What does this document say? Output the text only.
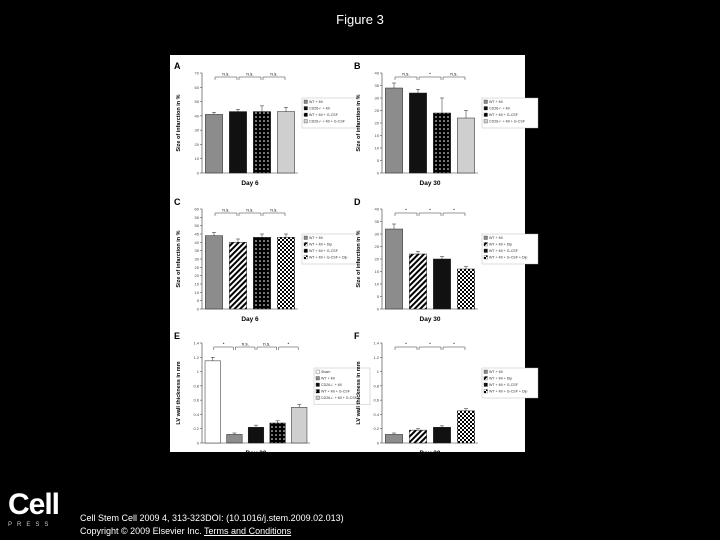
Figure 3
A
Size of infarction in %
0
10
20
30
40
50
60
70	n.s.	n.s.	n.s.
Day 6
WT + MI
CD26-/- + MI
WT + MI + G-CSF
CD26-/- + MI + G-CSF
B
Size of infarction in %
0
5
10
15
20
25
30
35
40	n.s.	*	n.s.
Day 30
WT + MI
CD26-/- + MI
WT + MI + G-CSF
CD26-/- + MI + G-CSF
C
Size of infarction in %
0
5
10
15
20
25
30
35
40
45
50
55
60	n.s.	n.s.	n.s.
Day 6
WT + MI
WT + MI + Dip
WT + MI + G-CSF
WT + MI + G-CSF + Dip
D
Size of infarction in %
0
5
10
15
20
25
30
35
40	*	*	*
Day 30
WT + MI
WT + MI + Dip
WT + MI + G-CSF
WT + MI + G-CSF + Dip
E
LV wall thickness in mm
0
0.2
0.4
0.6
0.8
1
1.2
1.4	*	n.s.	n.s.	*
Day 30
Sham
WT + MI
CD26-/- + MI
WT + MI + G-CSF
CD26-/- + MI + G-CSF
F
LV wall thickness in mm
0
0.2
0.4
0.6
0.8
1
1.2
1.4	*	*	*
Day 30
WT + MI
WT + MI + Dip
WT + MI + G-CSF
WT + MI + G-CSF + Dip
Cell
PRESS
Cell Stem Cell 2009 4, 313-323DOI: (10.1016/j.stem.2009.02.013)
Copyright © 2009 Elsevier Inc. Terms and Conditions
